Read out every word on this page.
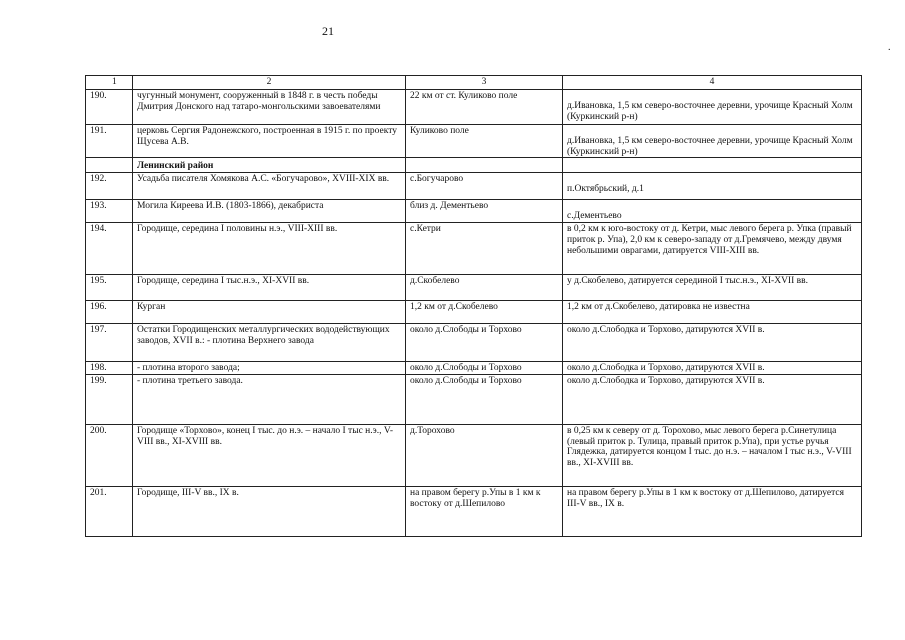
21
.
1	2	3	4
190.	чугунный монумент, сооруженный в 1848 г. в честь победы Дмитрия Донского над татаро-монгольскими завоевателями	22 км от ст. Куликово поле	д.Ивановка, 1,5 км северо-восточнее деревни, урочище Красный Холм (Куркинский р-н)

191.	церковь Сергия Радонежского, построенная в 1915 г. по проекту Щусева А.В.	Куликово поле	д.Ивановка, 1,5 км северо-восточнее деревни, урочище Красный Холм (Куркинский р-н)

	Ленинский район		
192.	Усадьба писателя Хомякова А.С. «Богучарово», XVIII-XIX вв.	с.Богучарово	п.Октябрьский, д.1

193.	Могила Киреева И.В. (1803-1866), декабриста	близ д. Дементьево	с.Дементьево

194.	Городище, середина I половины н.э., VIII-XIII вв.	с.Кетри	в 0,2 км к юго-востоку от д. Кетри, мыс левого берега р. Упка (правый приток р. Упа), 2,0 км к северо-западу от д.Гремячево, между двумя небольшими оврагами, датируется VIII-XIII вв.
195.	Городище, середина I тыс.н.э., XI-XVII вв.	д.Скобелево	у д.Скобелево, датируется серединой I тыс.н.э., XI-XVII вв.
196.	Курган	1,2 км от д.Скобелево	1,2 км от д.Скобелево, датировка не известна
197.	Остатки Городищенских металлургических вододействующих заводов, XVII в.: - плотина Верхнего завода	около д.Слободы и Торхово	около д.Слободка и Торхово, датируются XVII в.
198.	- плотина второго завода;	около д.Слободы и Торхово	около д.Слободка и Торхово, датируются XVII в.
199.	- плотина третьего завода.	около д.Слободы и Торхово	около д.Слободка и Торхово, датируются XVII в.
200.	Городище «Торхово», конец I тыс. до н.э. – начало I тыс н.э., V-VIII вв., XI-XVIII вв.	д.Торохово	в 0,25 км к северу от д. Торохово, мыс левого берега р.Синетулица (левый приток р. Тулица, правый приток р.Упа), при устье ручья Глядежка, датируется концом I тыс. до н.э. – началом I тыс н.э., V-VIII вв., XI-XVIII вв.
201.	Городище, III-V вв., IX в.	на правом берегу р.Упы в 1 км к востоку от д.Шепилово	на правом берегу р.Упы в 1 км к востоку от д.Шепилово, датируется III-V вв., IX в.
